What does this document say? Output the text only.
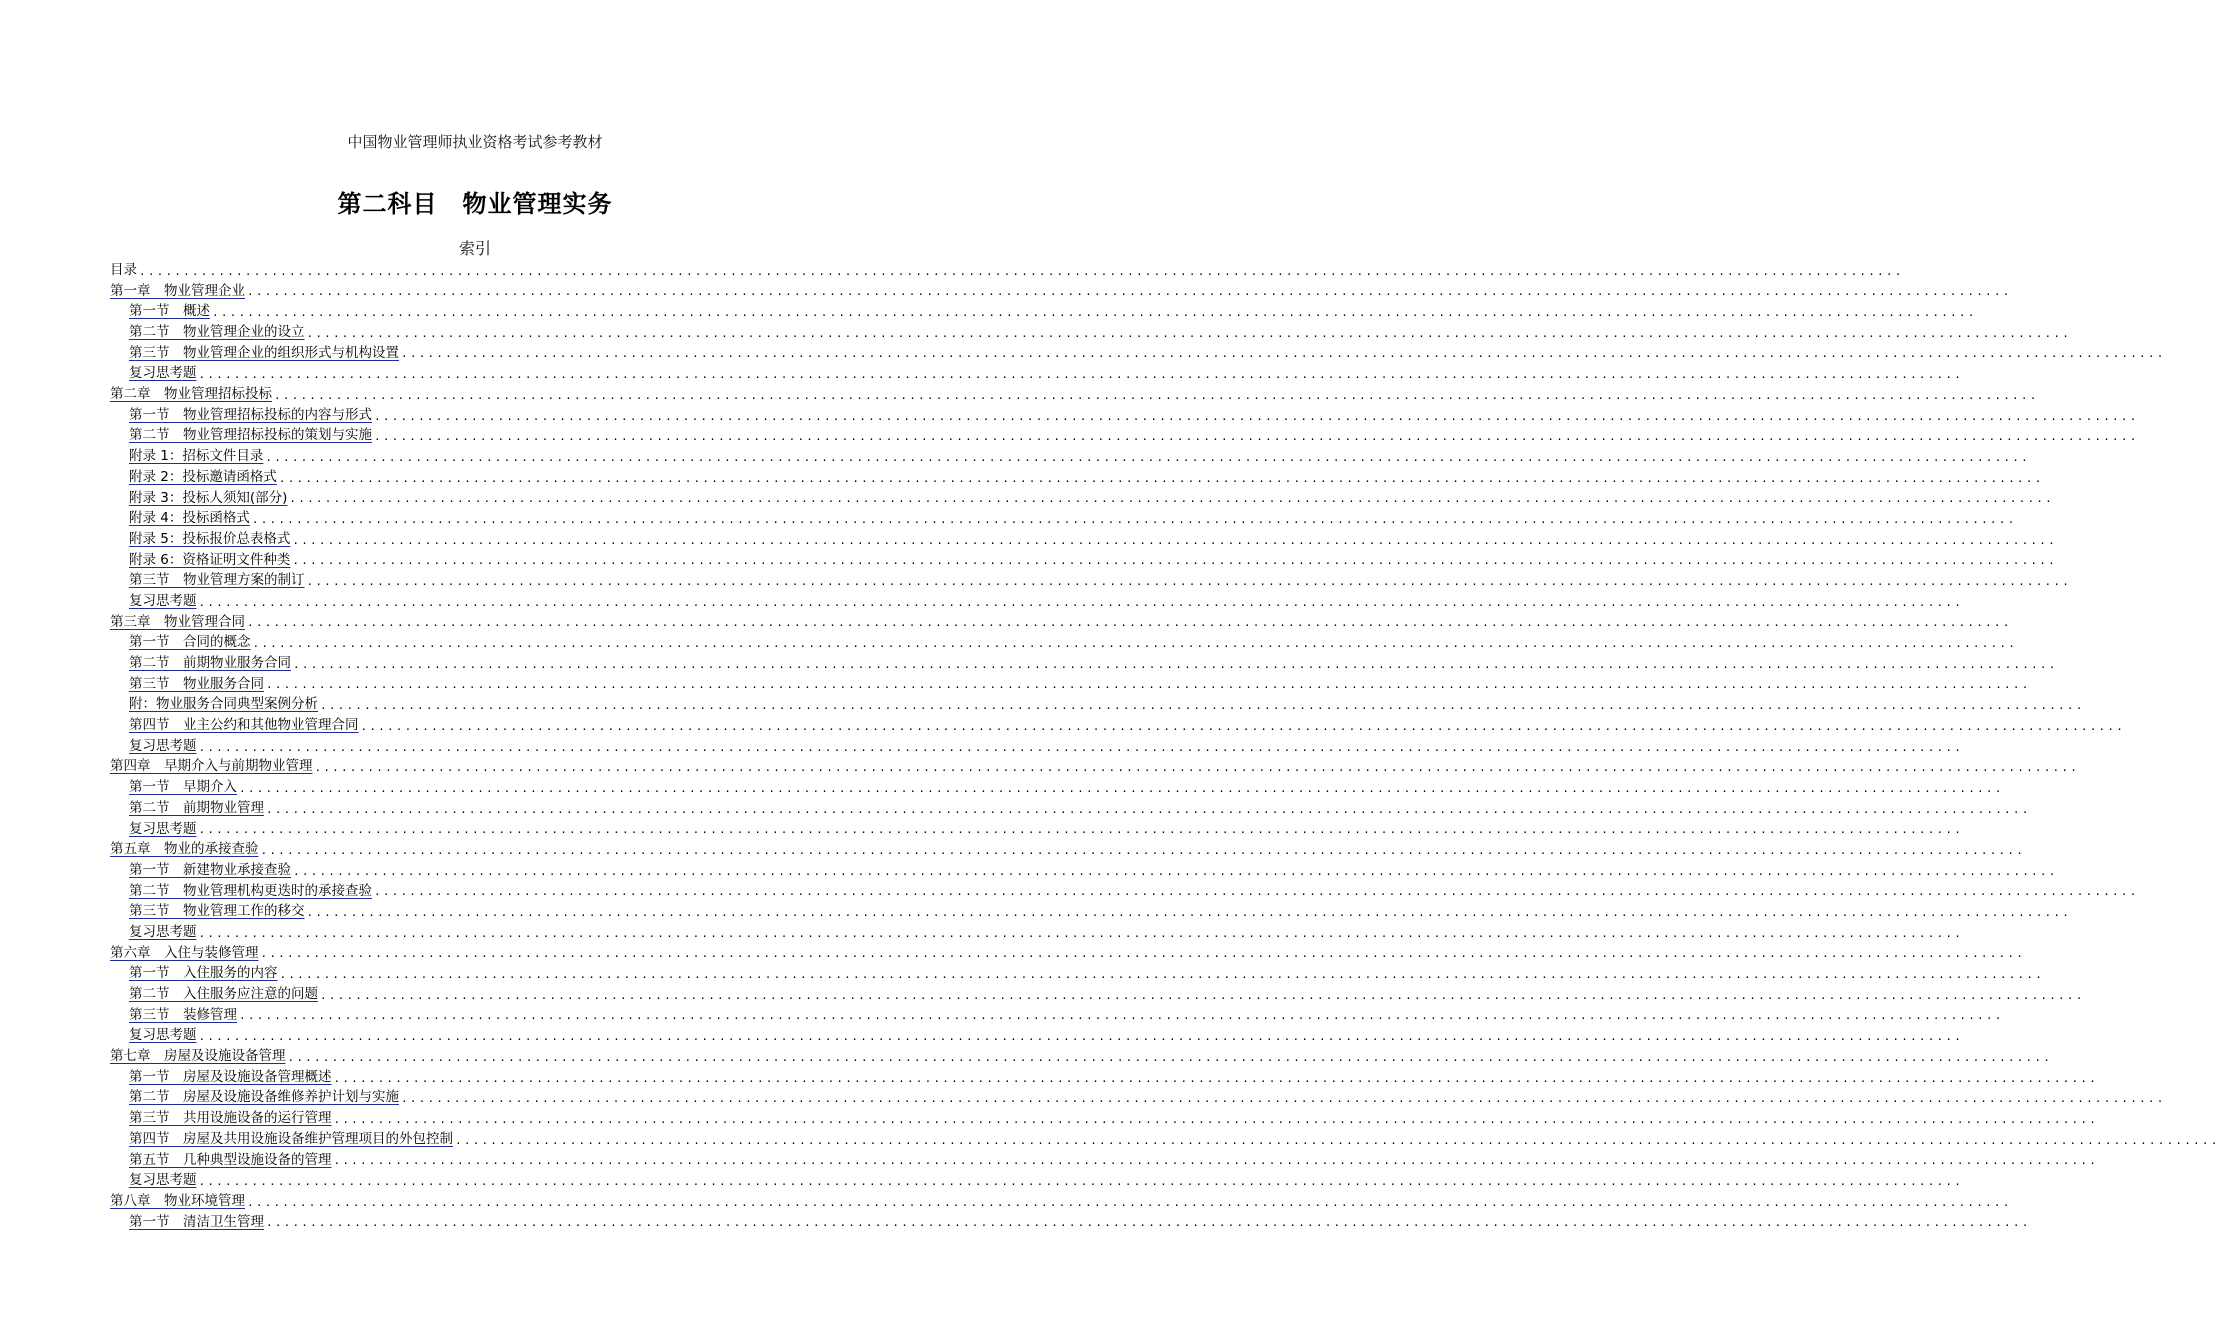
中国物业管理师执业资格考试参考教材
第二科目　物业管理实务
索引
目录 ........................................................................................................................................................................................................
第一章　物业管理企业 ........................................................................................................................................................................................................
第一节　概述 ........................................................................................................................................................................................................
第二节　物业管理企业的设立 ........................................................................................................................................................................................................
第三节　物业管理企业的组织形式与机构设置 ........................................................................................................................................................................................................
复习思考题 ........................................................................................................................................................................................................
第二章　物业管理招标投标 ........................................................................................................................................................................................................
第一节　物业管理招标投标的内容与形式 ........................................................................................................................................................................................................
第二节　物业管理招标投标的策划与实施 ........................................................................................................................................................................................................
附录 1：招标文件目录 ........................................................................................................................................................................................................
附录 2：投标邀请函格式 ........................................................................................................................................................................................................
附录 3：投标人须知(部分) ........................................................................................................................................................................................................
附录 4：投标函格式 ........................................................................................................................................................................................................
附录 5：投标报价总表格式 ........................................................................................................................................................................................................
附录 6：资格证明文件种类 ........................................................................................................................................................................................................
第三节　物业管理方案的制订 ........................................................................................................................................................................................................
复习思考题 ........................................................................................................................................................................................................
第三章　物业管理合同 ........................................................................................................................................................................................................
第一节　合同的概念 ........................................................................................................................................................................................................
第二节　前期物业服务合同 ........................................................................................................................................................................................................
第三节　物业服务合同 ........................................................................................................................................................................................................
附：物业服务合同典型案例分析 ........................................................................................................................................................................................................
第四节　业主公约和其他物业管理合同 ........................................................................................................................................................................................................
复习思考题 ........................................................................................................................................................................................................
第四章　早期介入与前期物业管理 ........................................................................................................................................................................................................
第一节　早期介入 ........................................................................................................................................................................................................
第二节　前期物业管理 ........................................................................................................................................................................................................
复习思考题 ........................................................................................................................................................................................................
第五章　物业的承接查验 ........................................................................................................................................................................................................
第一节　新建物业承接查验 ........................................................................................................................................................................................................
第二节　物业管理机构更迭时的承接查验 ........................................................................................................................................................................................................
第三节　物业管理工作的移交 ........................................................................................................................................................................................................
复习思考题 ........................................................................................................................................................................................................
第六章　入住与装修管理 ........................................................................................................................................................................................................
第一节　入住服务的内容 ........................................................................................................................................................................................................
第二节　入住服务应注意的问题 ........................................................................................................................................................................................................
第三节　装修管理 ........................................................................................................................................................................................................
复习思考题 ........................................................................................................................................................................................................
第七章　房屋及设施设备管理 ........................................................................................................................................................................................................
第一节　房屋及设施设备管理概述 ........................................................................................................................................................................................................
第二节　房屋及设施设备维修养护计划与实施 ........................................................................................................................................................................................................
第三节　共用设施设备的运行管理 ........................................................................................................................................................................................................
第四节　房屋及共用设施设备维护管理项目的外包控制 ........................................................................................................................................................................................................
第五节　几种典型设施设备的管理 ........................................................................................................................................................................................................
复习思考题 ........................................................................................................................................................................................................
第八章　物业环境管理 ........................................................................................................................................................................................................
第一节　清洁卫生管理 ........................................................................................................................................................................................................
